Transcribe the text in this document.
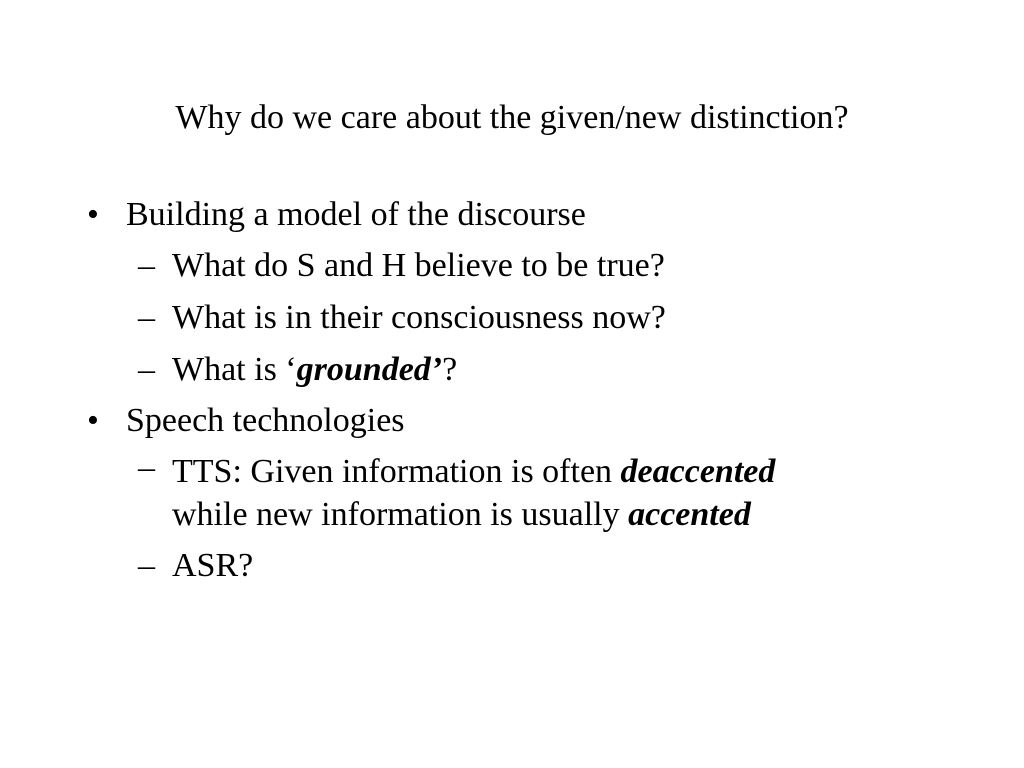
Why do we care about the given/new distinction?
• Building a model of the discourse
– What do S and H believe to be true?
– What is in their consciousness now?
– What is ‘grounded’?
• Speech technologies
– TTS: Given information is often deaccented
while new information is usually accented
– ASR?
